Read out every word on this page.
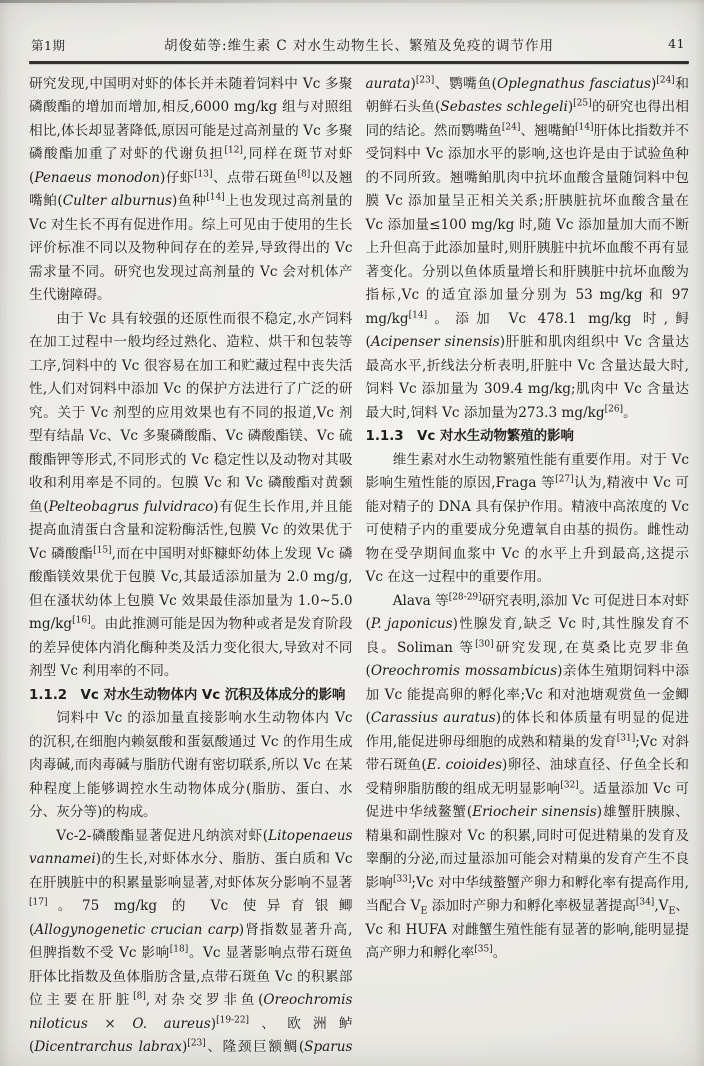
第1期	胡俊茹等:维生素 C 对水生动物生长、繁殖及免疫的调节作用	41

研究发现,中国明对虾的体长并未随着饲料中 Vc 多聚磷酸酯的增加而增加,相反,6000 mg/kg 组与对照组相比,体长却显著降低,原因可能是过高剂量的 Vc 多聚磷酸酯加重了对虾的代谢负担[12],同样在斑节对虾(Penaeus monodon)仔虾[13]、点带石斑鱼[8]以及翘嘴鲌(Culter alburnus)鱼种[14]上也发现过高剂量的 Vc 对生长不再有促进作用。综上可见由于使用的生长评价标准不同以及物种间存在的差异,导致得出的 Vc 需求量不同。研究也发现过高剂量的 Vc 会对机体产生代谢障碍。

由于 Vc 具有较强的还原性而很不稳定,水产饲料在加工过程中一般均经过熟化、造粒、烘干和包装等工序,饲料中的 Vc 很容易在加工和贮藏过程中丧失活性,人们对饲料中添加 Vc 的保护方法进行了广泛的研究。关于 Vc 剂型的应用效果也有不同的报道,Vc 剂型有结晶 Vc、Vc 多聚磷酸酯、Vc 磷酸酯镁、Vc 硫酸酯钾等形式,不同形式的 Vc 稳定性以及动物对其吸收和利用率是不同的。包膜 Vc 和 Vc 磷酸酯对黄颡鱼(Pelteobagrus fulvidraco)有促生长作用,并且能提高血清蛋白含量和淀粉酶活性,包膜 Vc 的效果优于 Vc 磷酸酯[15],而在中国明对虾糠虾幼体上发现 Vc 磷酸酯镁效果优于包膜 Vc,其最适添加量为 2.0 mg/g,但在溞状幼体上包膜 Vc 效果最佳添加量为 1.0~5.0 mg/kg[16]。由此推测可能是因为物种或者是发育阶段的差异使体内消化酶种类及活力变化很大,导致对不同剂型 Vc 利用率的不同。

1.1.2　Vc 对水生动物体内 Vc 沉积及体成分的影响

饲料中 Vc 的添加量直接影响水生动物体内 Vc 的沉积,在细胞内赖氨酸和蛋氨酸通过 Vc 的作用生成肉毒碱,而肉毒碱与脂肪代谢有密切联系,所以 Vc 在某种程度上能够调控水生动物体成分(脂肪、蛋白、水分、灰分等)的构成。

Vc-2-磷酸酯显著促进凡纳滨对虾(Litopenaeus vannamei)的生长,对虾体水分、脂肪、蛋白质和 Vc 在肝胰脏中的积累量影响显著,对虾体灰分影响不显著[17]。75 mg/kg 的 Vc 使异育银鲫(Allogynogenetic crucian carp)肾指数显著升高,但脾指数不受 Vc 影响[18]。Vc 显著影响点带石斑鱼肝体比指数及鱼体脂肪含量,点带石斑鱼 Vc 的积累部位主要在肝脏[8],对杂交罗非鱼(Oreochromis niloticus × O. aureus)[19-22]、欧洲鲈(Dicentrarchus labrax)[23]、隆颈巨额鲷(Sparus aurata)[23]、鹦嘴鱼(Oplegnathus fasciatus)[24]和朝鲜石头鱼(Sebastes schlegeli)[25]的研究也得出相同的结论。然而鹦嘴鱼[24]、翘嘴鲌[14]肝体比指数并不受饲料中 Vc 添加水平的影响,这也许是由于试验鱼种的不同所致。翘嘴鲌肌肉中抗坏血酸含量随饲料中包膜 Vc 添加量呈正相关关系;肝胰脏抗坏血酸含量在 Vc 添加量≤100 mg/kg 时,随 Vc 添加量加大而不断上升但高于此添加量时,则肝胰脏中抗坏血酸不再有显著变化。分别以鱼体质量增长和肝胰脏中抗坏血酸为指标,Vc 的适宜添加量分别为 53 mg/kg 和 97 mg/kg[14]。添加 Vc 478.1 mg/kg 时,鲟(Acipenser sinensis)肝脏和肌肉组织中 Vc 含量达最高水平,折线法分析表明,肝脏中 Vc 含量达最大时,饲料 Vc 添加量为 309.4 mg/kg;肌肉中 Vc 含量达最大时,饲料 Vc 添加量为273.3 mg/kg[26]。

1.1.3　Vc 对水生动物繁殖的影响

维生素对水生动物繁殖性能有重要作用。对于 Vc 影响生殖性能的原因,Fraga 等[27]认为,精液中 Vc 可能对精子的 DNA 具有保护作用。精液中高浓度的 Vc 可使精子内的重要成分免遭氧自由基的损伤。雌性动物在受孕期间血浆中 Vc 的水平上升到最高,这提示 Vc 在这一过程中的重要作用。

Alava 等[28-29]研究表明,添加 Vc 可促进日本对虾(P. japonicus)性腺发育,缺乏 Vc 时,其性腺发育不良。Soliman 等[30]研究发现,在莫桑比克罗非鱼(Oreochromis mossambicus)亲体生殖期饲料中添加 Vc 能提高卵的孵化率;Vc 和对池塘观赏鱼一金鲫(Carassius auratus)的体长和体质量有明显的促进作用,能促进卵母细胞的成熟和精巢的发育[31];Vc 对斜带石斑鱼(E. coioides)卵径、油球直径、仔鱼全长和受精卵脂肪酸的组成无明显影响[32]。适量添加 Vc 可促进中华绒鳌蟹(Eriocheir sinensis)雄蟹肝胰腺、精巢和副性腺对 Vc 的积累,同时可促进精巢的发育及睾酮的分泌,而过量添加可能会对精巢的发育产生不良影响[33];Vc 对中华绒螯蟹产卵力和孵化率有提高作用,当配合 $V_E$ 添加时产卵力和孵化率极显著提高$[34],V_E$、Vc 和 HUFA 对雌蟹生殖性能有显著的影响,能明显提高产卵力和孵化率[35]。
